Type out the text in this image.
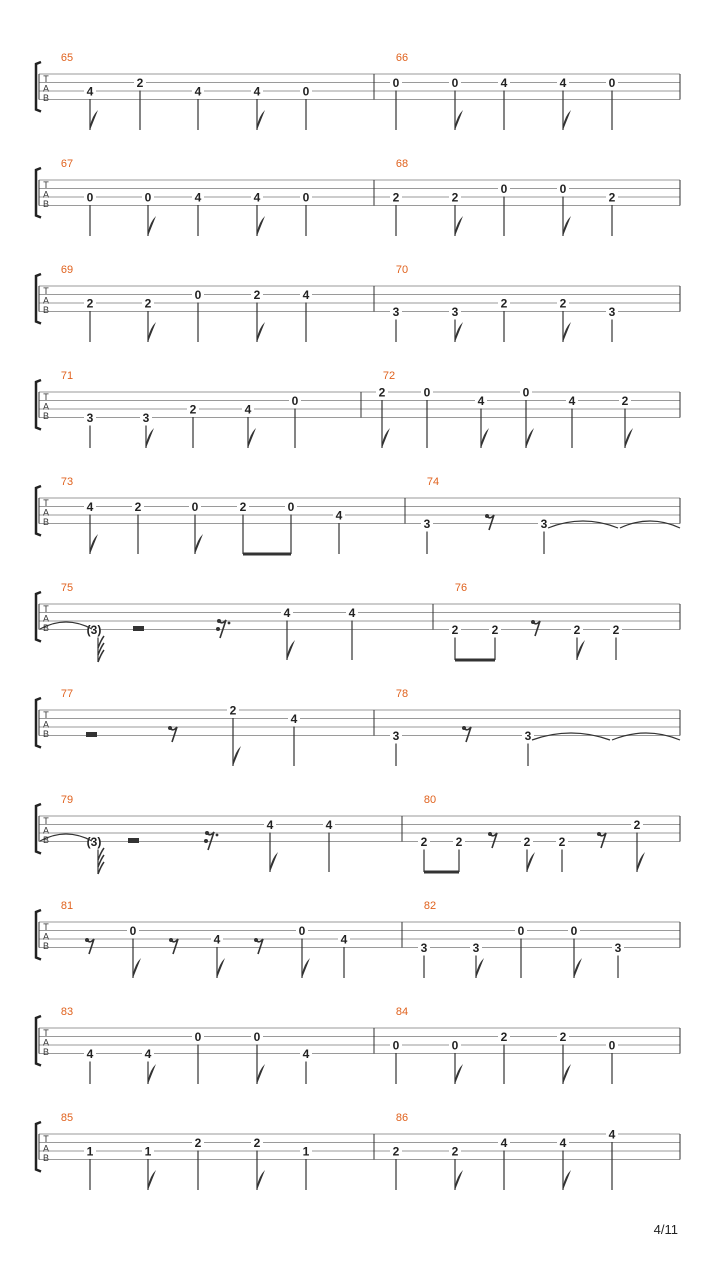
T
A
B
65
4
2
4	4	0
66
0	0	4	4	0
T
A
B
67
0	0	4	4	0
68
2	2
0	0
2
T
A
B
69
2	2
0	2	4
70
3	3
2	2
3
T
A
B
71
3	3
2	4
0
72
2	0
4
0
4	2
T
A
B
73
4	2	0	2	0
4
74
3	3
T
A
B
75
(3)
4	4
76
2	2	2	2
T
A
B
77
2
4
78
3	3
T
A
B
79
(3)
4	4
80
2 2	2 2
2
T
A
B
81
0
4
0
4
82
3	3
0	0
3
T
A
B
83
4	4
0	0
4
84
0	0
2	2
0
T
A
B
85
1	1
2	2
1
86
2	2
4	4
4
4/11
